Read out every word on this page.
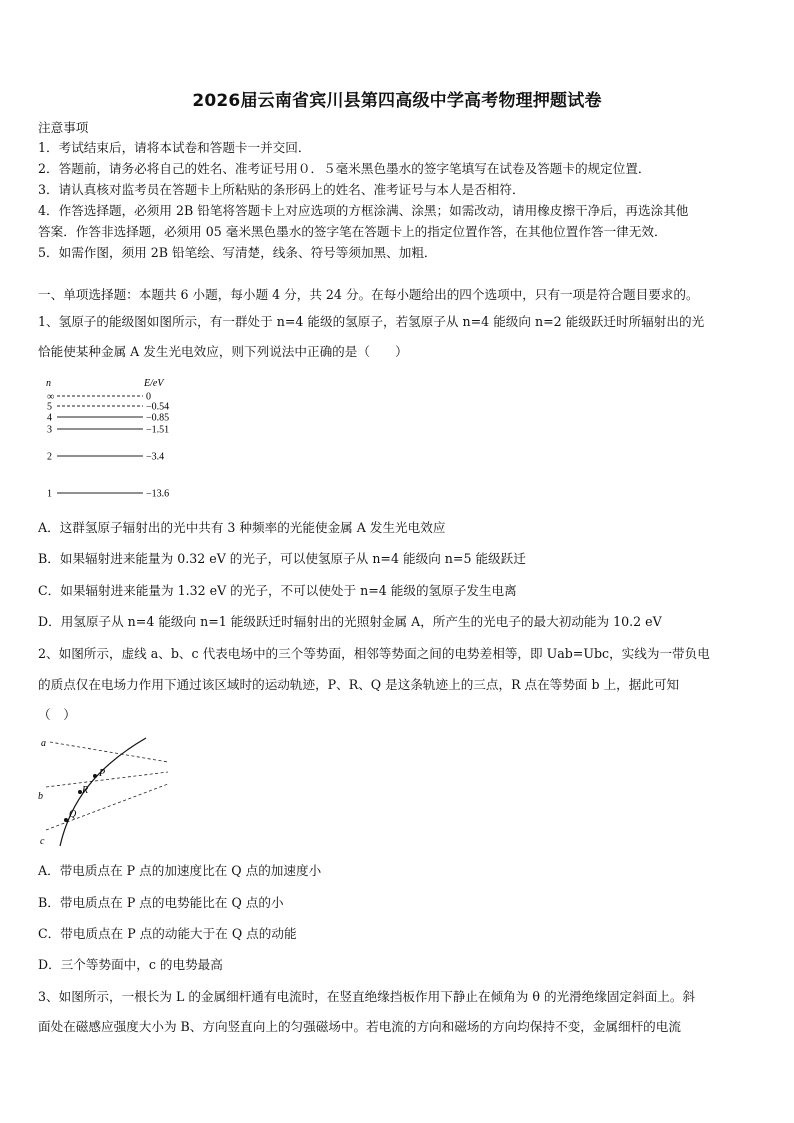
2026届云南省宾川县第四高级中学高考物理押题试卷
注意事项
1．考试结束后，请将本试卷和答题卡一并交回．
2．答题前，请务必将自己的姓名、准考证号用０．５毫米黑色墨水的签字笔填写在试卷及答题卡的规定位置．
3．请认真核对监考员在答题卡上所粘贴的条形码上的姓名、准考证号与本人是否相符．
4．作答选择题，必须用 2B 铅笔将答题卡上对应选项的方框涂满、涂黑；如需改动，请用橡皮擦干净后，再选涂其他
答案．作答非选择题，必须用 05 毫米黑色墨水的签字笔在答题卡上的指定位置作答，在其他位置作答一律无效．
5．如需作图，须用 2B 铅笔绘、写清楚，线条、符号等须加黑、加粗．
一、单项选择题：本题共 6 小题，每小题 4 分，共 24 分。在每小题给出的四个选项中，只有一项是符合题目要求的。
1、氢原子的能级图如图所示，有一群处于 n=4 能级的氢原子，若氢原子从 n=4 能级向 n=2 能级跃迁时所辐射出的光
恰能使某种金属 A 发生光电效应，则下列说法中正确的是（　　）
n	E/eV
∞	0
5	−0.54
4	−0.85
3	−1.51
2	−3.4
1	−13.6
A．这群氢原子辐射出的光中共有 3 种频率的光能使金属 A 发生光电效应
B．如果辐射进来能量为 0.32 eV 的光子，可以使氢原子从 n=4 能级向 n=5 能级跃迁
C．如果辐射进来能量为 1.32 eV 的光子，不可以使处于 n=4 能级的氢原子发生电离
D．用氢原子从 n=4 能级向 n=1 能级跃迁时辐射出的光照射金属 A，所产生的光电子的最大初动能为 10.2 eV
2、如图所示，虚线 a、b、c 代表电场中的三个等势面，相邻等势面之间的电势差相等，即 Uab=Ubc，实线为一带负电
的质点仅在电场力作用下通过该区域时的运动轨迹，P、R、Q 是这条轨迹上的三点，R 点在等势面 b 上，据此可知
（　）
a
b
c
P
R
Q
A．带电质点在 P 点的加速度比在 Q 点的加速度小
B．带电质点在 P 点的电势能比在 Q 点的小
C．带电质点在 P 点的动能大于在 Q 点的动能
D．三个等势面中，c 的电势最高
3、如图所示，一根长为 L 的金属细杆通有电流时，在竖直绝缘挡板作用下静止在倾角为 θ 的光滑绝缘固定斜面上。斜
面处在磁感应强度大小为 B、方向竖直向上的匀强磁场中。若电流的方向和磁场的方向均保持不变，金属细杆的电流
